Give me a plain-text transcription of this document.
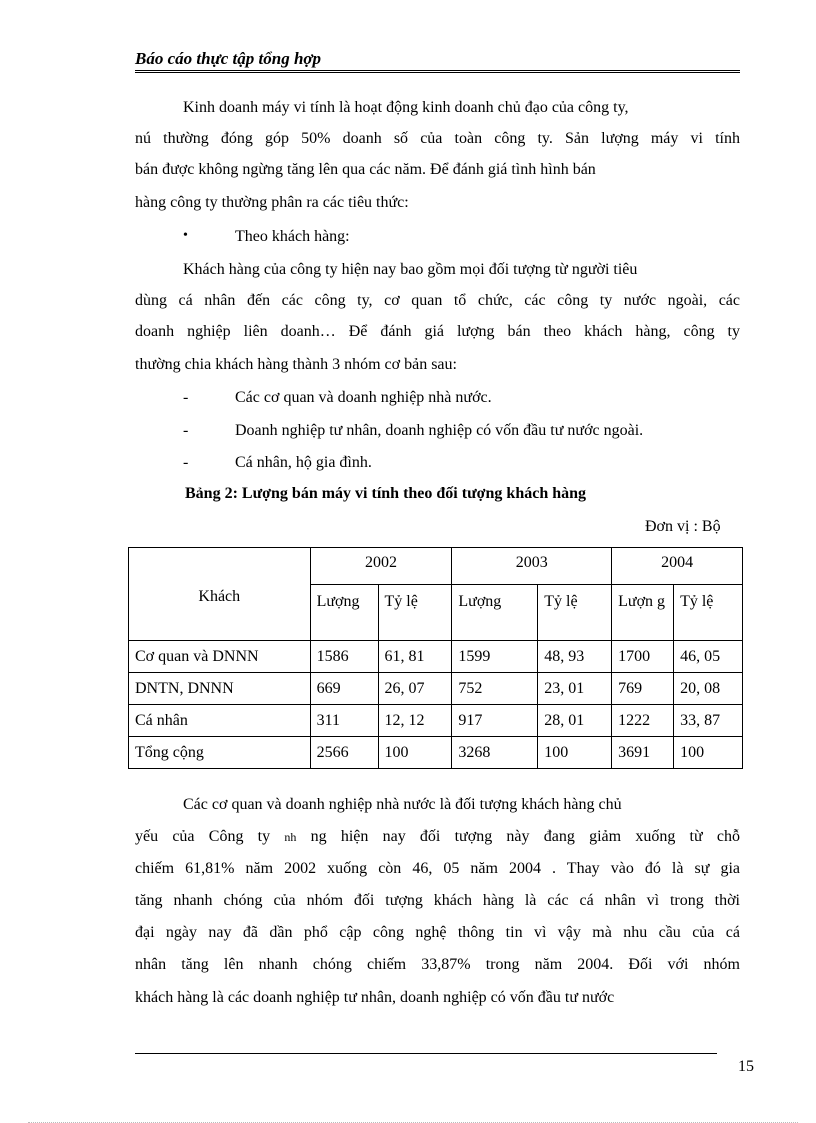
Báo cáo thực tập tổng hợp
Kinh doanh máy vi tính là hoạt động kinh doanh chủ đạo của công ty,
nú thường đóng góp 50% doanh số của toàn công ty. Sản lượng máy vi tính
bán được không ngừng tăng lên qua các năm. Để đánh giá tình hình bán
hàng công ty thường phân ra các tiêu thức:
•	Theo khách hàng:
Khách hàng của công ty hiện nay bao gồm mọi đối tượng từ người tiêu
dùng cá nhân đến các công ty, cơ quan tổ chức, các công ty nước ngoài, các
doanh nghiệp liên doanh… Để đánh giá lượng bán theo khách hàng, công ty
thường chia khách hàng thành 3 nhóm cơ bản sau:
-	Các cơ quan và doanh nghiệp nhà nước.
-	Doanh nghiệp tư nhân, doanh nghiệp có vốn đầu tư nước ngoài.
-	Cá nhân, hộ gia đình.
Bảng 2: Lượng bán máy vi tính theo đối tượng khách hàng
Đơn vị : Bộ
Khách	2002		2003		2004	
	Lượng	Tỷ lệ	Lượng	Tỷ lệ	Lượn g	Tỷ lệ
Cơ quan và DNNN	1586	61, 81	1599	48, 93	1700	46, 05
DNTN, DNNN	669	26, 07	752	23, 01	769	20, 08
Cá nhân	311	12, 12	917	28, 01	1222	33, 87
Tổng cộng	2566	100	3268	100	3691	100
Các cơ quan và doanh nghiệp nhà nước là đối tượng khách hàng chủ
yếu của Công ty nh ng hiện nay đối tượng này đang giảm xuống từ chỗ
chiếm 61,81% năm 2002 xuống còn 46, 05 năm 2004 . Thay vào đó là sự gia
tăng nhanh chóng của nhóm đối tượng khách hàng là các cá nhân vì trong thời
đại ngày nay đã dần phổ cập công nghệ thông tin vì vậy mà nhu cầu của cá
nhân tăng lên nhanh chóng chiếm 33,87% trong năm 2004. Đối với nhóm
khách hàng là các doanh nghiệp tư nhân, doanh nghiệp có vốn đầu tư nước
15
